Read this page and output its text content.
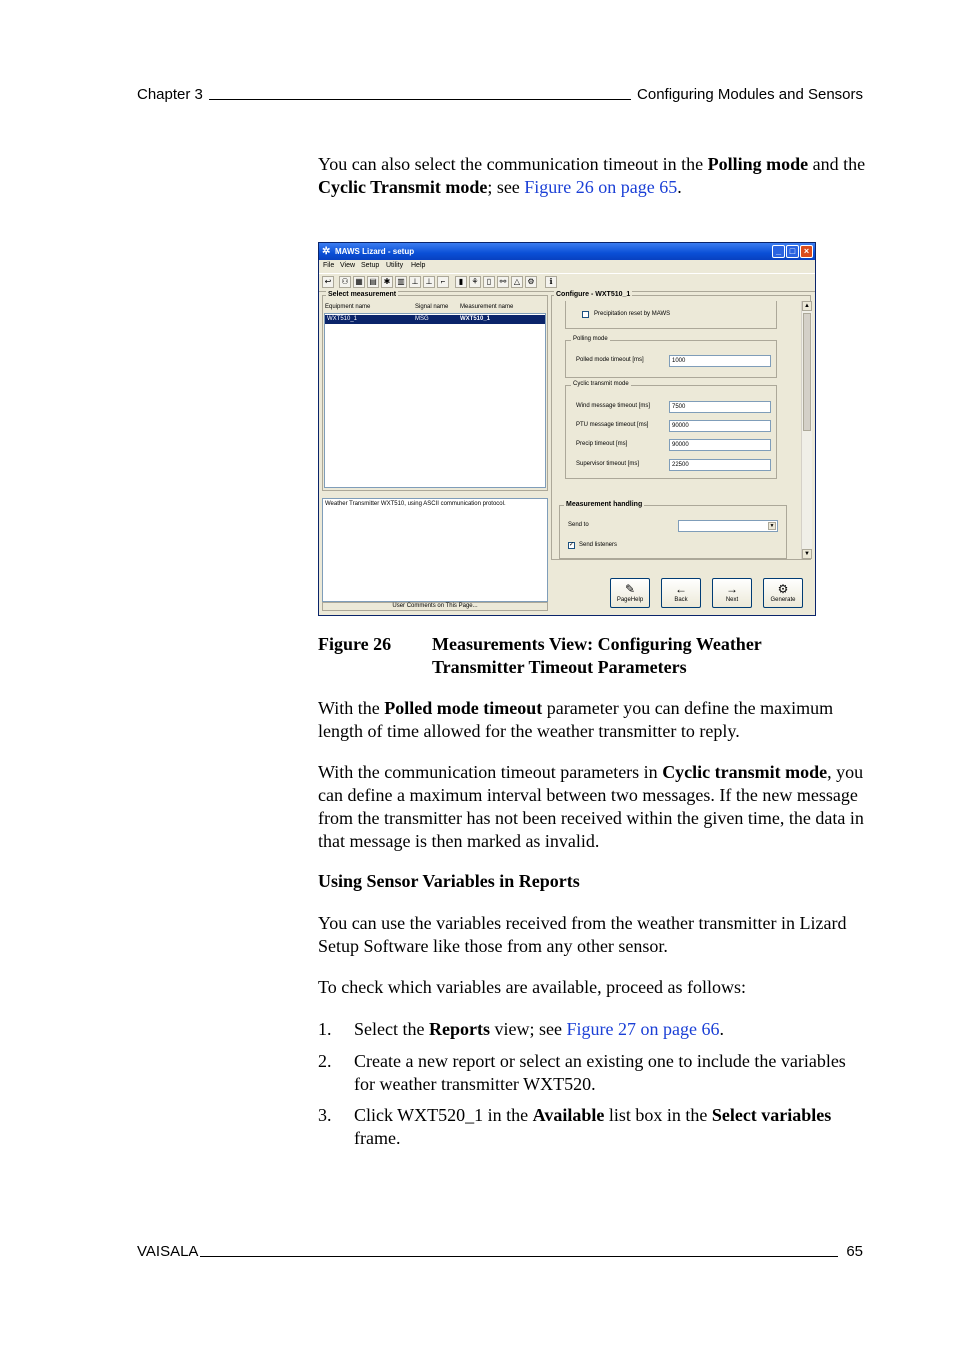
Chapter 3	Configuring Modules and Sensors
You can also select the communication timeout in the Polling mode and the Cyclic Transmit mode; see Figure 26 on page 65.
✲ MAWS Lizard - setup	_ □ ×
File View Setup Utility Help
↩	⚇ ▦ ▤ ✱ ▥ ⊥ ⊥	⌐	▮	⚘	▯	⚯ △ ⚙	ℹ
Select measurement
Equipment name	Signal name Measurement name
WXT510_1	MSG	WXT510_1
Weather Transmitter WXT510, using ASCII communication protocol.
User Comments on This Page...
Configure - WXT510_1
Precipitation reset by MAWS
Polling mode
Polled mode timeout [ms]	1000
Cyclic transmit mode
Wind message timeout [ms]	7500
PTU message timeout [ms]	90000
Precip timeout [ms]	90000
Supervisor timeout [ms]	22500
Measurement handling
Send to	▼
✓ Send listeners
▲
▼
✎
PageHelp
←
Back
→
Next
⚙
Generate
Figure 26 Measurements View: Configuring Weather Transmitter Timeout Parameters
With the Polled mode timeout parameter you can define the maximum length of time allowed for the weather transmitter to reply.
With the communication timeout parameters in Cyclic transmit mode, you can define a maximum interval between two messages. If the new message from the transmitter has not been received within the given time, the data in that message is then marked as invalid.
Using Sensor Variables in Reports
You can use the variables received from the weather transmitter in Lizard Setup Software like those from any other sensor.
To check which variables are available, proceed as follows:
1. Select the Reports view; see Figure 27 on page 66.
2. Create a new report or select an existing one to include the variables for weather transmitter WXT520.
3. Click WXT520_1 in the Available list box in the Select variables frame.
VAISALA	65
